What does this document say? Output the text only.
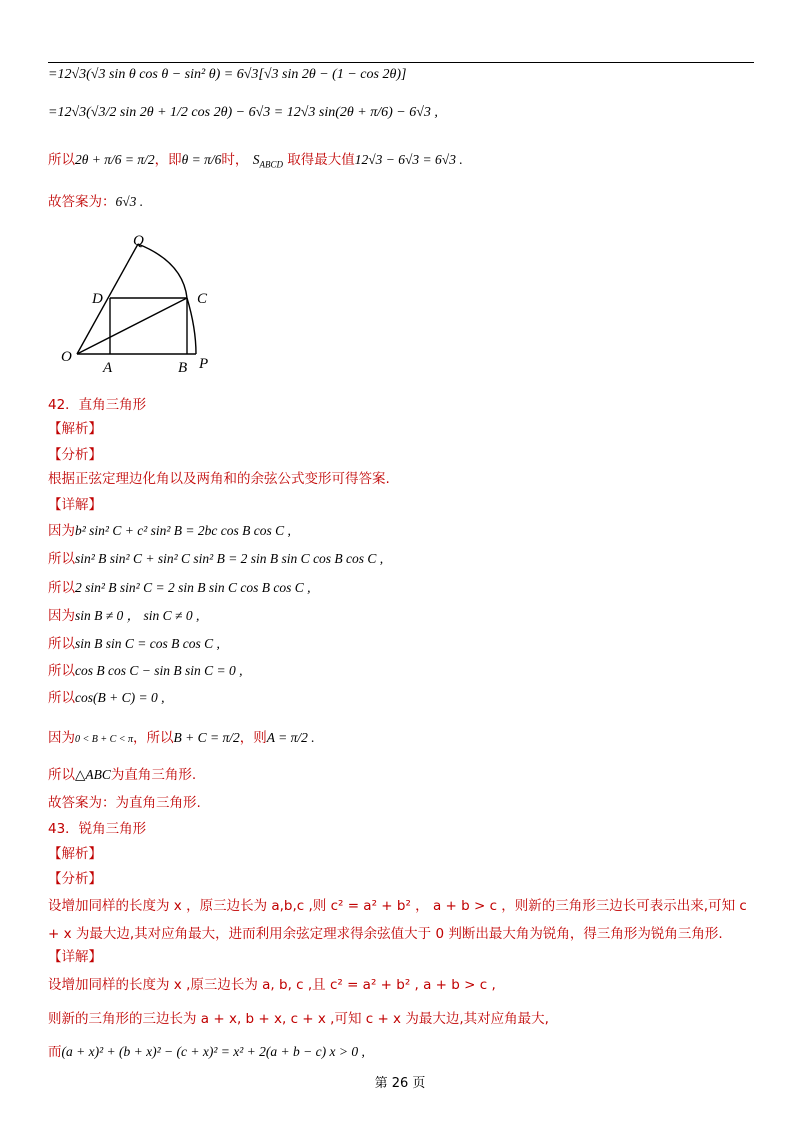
=12√3(√3 sin θ cos θ − sin² θ) = 6√3[√3 sin 2θ − (1 − cos 2θ)]
=12√3(√3/2 sin 2θ + 1/2 cos 2θ) − 6√3 = 12√3 sin(2θ + π/6) − 6√3 ,
所以2θ + π/6 = π/2，即θ = π/6时， $S_{ABCD}$ 取得最大值12√3 − 6√3 = 6√3 .
故答案为：6√3 .
Q
D	C
O
A	B P
42．直角三角形
【解析】
【分析】
根据正弦定理边化角以及两角和的余弦公式变形可得答案.
【详解】
因为b² sin² C + c² sin² B = 2bc cos B cos C ,
所以sin² B sin² C + sin² C sin² B = 2 sin B sin C cos B cos C ,
所以2 sin² B sin² C = 2 sin B sin C cos B cos C ,
因为sin B ≠ 0 ， sin C ≠ 0 ,
所以sin B sin C = cos B cos C ,
所以cos B cos C − sin B sin C = 0 ,
所以cos(B + C) = 0 ,
因为0 < B + C < π，所以B + C = π/2，则A = π/2 .
所以△ABC为直角三角形.
故答案为：为直角三角形.
43．锐角三角形
【解析】
【分析】
设增加同样的长度为 x ，原三边长为 a,b,c ,则 c² = a² + b² ， a + b > c ，则新的三角形三边长可表示出来,可知 c + x 为最大边,其对应角最大，进而利用余弦定理求得余弦值大于 0 判断出最大角为锐角，得三角形为锐角三角形.
【详解】
设增加同样的长度为 x ,原三边长为 a, b, c ,且 c² = a² + b² , a + b > c ,
则新的三角形的三边长为 a + x, b + x, c + x ,可知 c + x 为最大边,其对应角最大,
而(a + x)² + (b + x)² − (c + x)² = x² + 2(a + b − c) x > 0 ,
第 26 页
